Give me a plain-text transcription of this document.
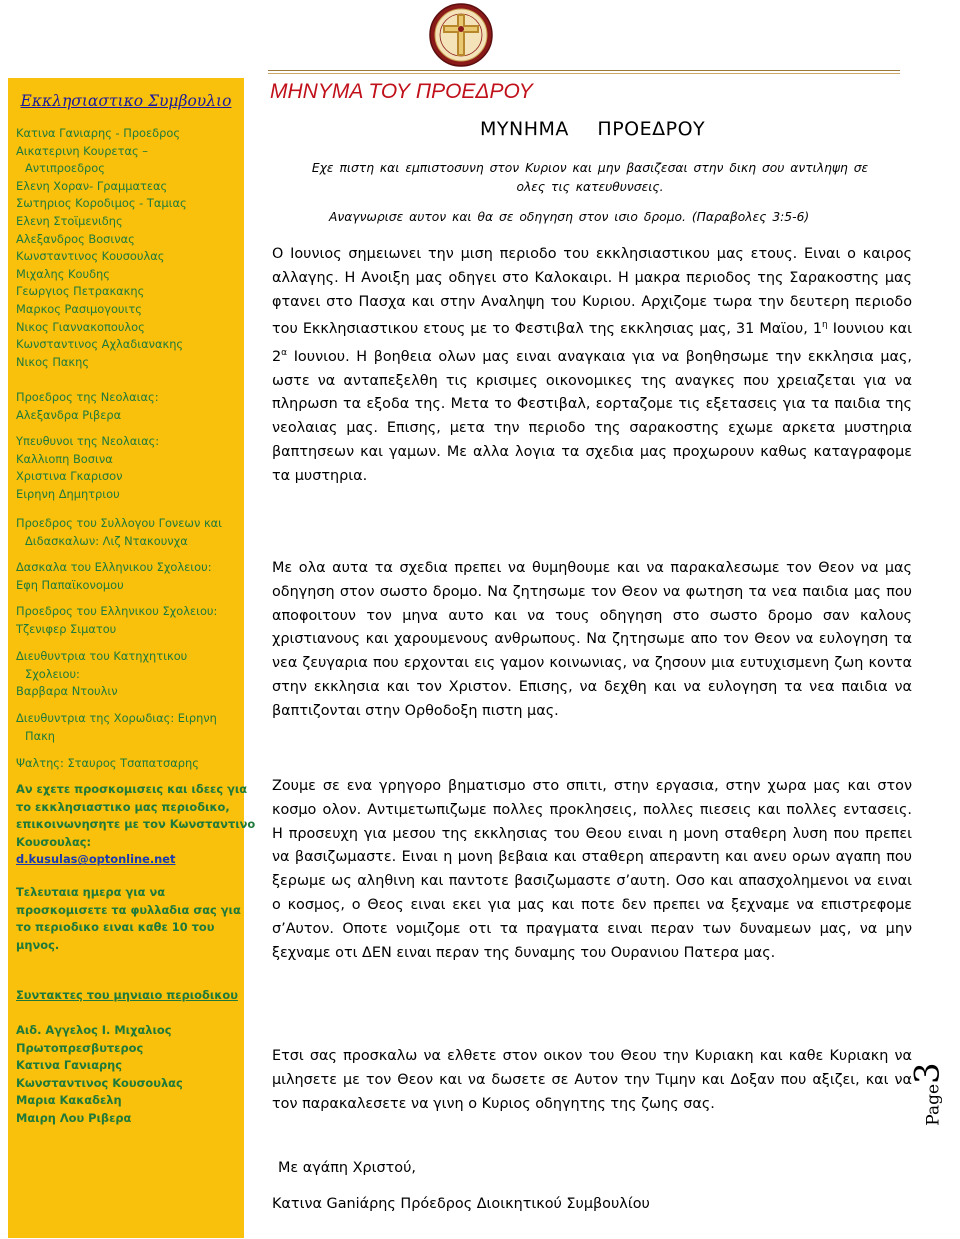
Εκκλησιαστικο Συμβουλιο
Κατινα Γανιαρης - Προεδρος
Αικατερινη Κουρετας –
Αντιπροεδρος
Ελενη Χοραν- Γραμματεας
Σωτηριος Κοροδιμος - Ταμιας
Ελενη Στοϊμενιδης
Αλεξανδρος Βοσινας
Κωνσταντινος Κουσουλας
Μιχαλης Κουδης
Γεωργιος Πετρακακης
Μαρκος Ρασιμογουιτς
Νικος Γιαννακοπουλος
Κωνσταντινος Αχλαδιανακης
Νικος Πακης
Προεδρος της Νεολαιας:
Αλεξανδρα Ριβερα
Υπευθυνοι της Νεολαιας:
Καλλιοπη Βοσινα
Χριστινα Γκαρισον
Ειρηνη Δημητριου
Προεδρος του Συλλογου Γονεων και
Διδασκαλων: Λιζ Ντακουνχα
Δασκαλα του Ελληνικου Σχολειου:
Εφη Παπαϊκονομου
Προεδρος του Ελληνικου Σχολειου:
Τζενιφερ Σιματου
Διευθυντρια του Κατηχητικου
Σχολειου:
Βαρβαρα Ντουλιν
Διευθυντρια της Χορωδιας: Ειρηνη
Πακη
Ψαλτης: Σταυρος Τσαπατσαρης
Αν εχετε προσκομισεις και ιδεες για
το εκκλησιαστικο μας περιοδικο,
επικοινωνησητε με τον Κωνσταντινο
Κουσουλας:
d.kusulas@optonline.net
Τελευταια ημερα για να
προσκομισετε τα φυλλαδια σας για
το περιοδικο ειναι καθε 10 του
μηνος.
Συντακτες του μηνιαιο περιοδικου
Αιδ. Αγγελος Ι. Μιχαλιος
Πρωτοπρεσβυτερος
Κατινα Γανιαρης
Κωνσταντινος Κουσουλας
Μαρια Κακαδελη
Μαιρη Λου Ριβερα
ΜΗΝΥΜΑ ΤΟΥ ΠΡΟΕΔΡΟΥ
ΜΥΝΗΜΑ ΠΡΟΕΔΡΟΥ
Εχε πιστη και εμπιστοσυνη στον Κυριον και μην βασιζεσαι στην δικη σου αντιληψη σε
ολες τις κατευθυνσεις.
Αναγνωρισε αυτον και θα σε οδηγηση στον ισιο δρομο. (Παραβολες 3:5-6)

Ο Ιουνιος σημειωνει την μιση περιοδο του εκκλησιαστικου μας ετους. Ειναι ο καιρος αλλαγης. Η Ανοιξη μας οδηγει στο Καλοκαιρι. Η μακρα περιοδος της Σαρακοστης μας φτανει στο Πασχα και στην Αναληψη του Κυριου. Αρχιζομε τωρα την δευτερη περιοδο του Εκκλησιαστικου ετους με το Φεστιβαλ της εκκλησιας μας, 31 Μαϊου, $1^\eta$ Ιουνιου και $2^\alpha$ Ιουνιου. Η βοηθεια ολων μας ειναι αναγκαια για να βοηθησωμε την εκκλησια μας, ωστε να ανταπεξελθη τις κρισιμες οικονομικες της αναγκες που χρειαζεται για να πληρωσn τα εξοδα της. Μετα το Φεστιβαλ, εορταζομε τις εξετασεις για τα παιδια της νεολαιας μας. Επισης, μετα την περιοδο της σαρακοστης εχωμε αρκετα μυστηρια βαπτησεων και γαμων. Με αλλα λογια τα σχεδια μας προχωρουν καθως καταγραφομε τα μυστηρια.

Με ολα αυτα τα σχεδια πρεπει να θυμηθουμε και να παρακαλεσωμε τον Θεον να μας οδηγηση στον σωστο δρομο. Να ζητησωμε τον Θεον να φωτηση τα νεα παιδια μας που αποφοιτουν τον μηνα αυτο και να τους οδηγηση στο σωστο δρομο σαν καλους χριστιανους και χαρουμενους ανθρωπους. Να ζητησωμε απο τον Θεον να ευλογηση τα νεα ζευγαρια που ερχονται εις γαμον κοινωνιας, να ζησουν μια ευτυχισμενη ζωη κοντα στην εκκλησια και τον Χριστον. Επισης, να δεχθη και να ευλογηση τα νεα παιδια να βαπτιζονται στην Ορθοδοξη πιστη μας.

Ζουμε σε ενα γρηγορο βηματισμο στο σπιτι, στην εργασια, στην χωρα μας και στον κοσμο ολον. Αντιμετωπιζωμε πολλες προκλησεις, πολλες πιεσεις και πολλες εντασεις. Η προσευχη για μεσου της εκκλησιας του Θεου ειναι η μονη σταθερη λυση που πρεπει να βασιζωμαστε. Ειναι η μονη βεβαια και σταθερη απεραντη και ανευ ορων αγαπη που ξερωμε ως αληθινη και παντοτε βασιζωμαστε σ’αυτη. Οσο και απασχολημενοι να ειναι ο κοσμος, ο Θεος ειναι εκει για μας και ποτε δεν πρεπει να ξεχναμε να επιστρεφομε σ’Αυτον. Οποτε νομιζομε οτι τα πραγματα ειναι περαν των δυναμεων μας, να μην ξεχναμε οτι ΔΕΝ ειναι περαν της δυναμης του Ουρανιου Πατερα μας.

Ετσι σας προσκαλω να ελθετε στον οικον του Θεου την Κυριακη και καθε Κυριακη να μιλησετε με τον Θεον και να δωσετε σε Αυτον την Τιμην και Δοξαν που αξιζει, και να τον παρακαλεσετε να γινη ο Κυριος οδηγητης της ζωης σας.

Με αγάπη Χριστού,
Κατινα Ganiάρης Πρόεδρος Διοικητικού Συμβουλίου
Page3
